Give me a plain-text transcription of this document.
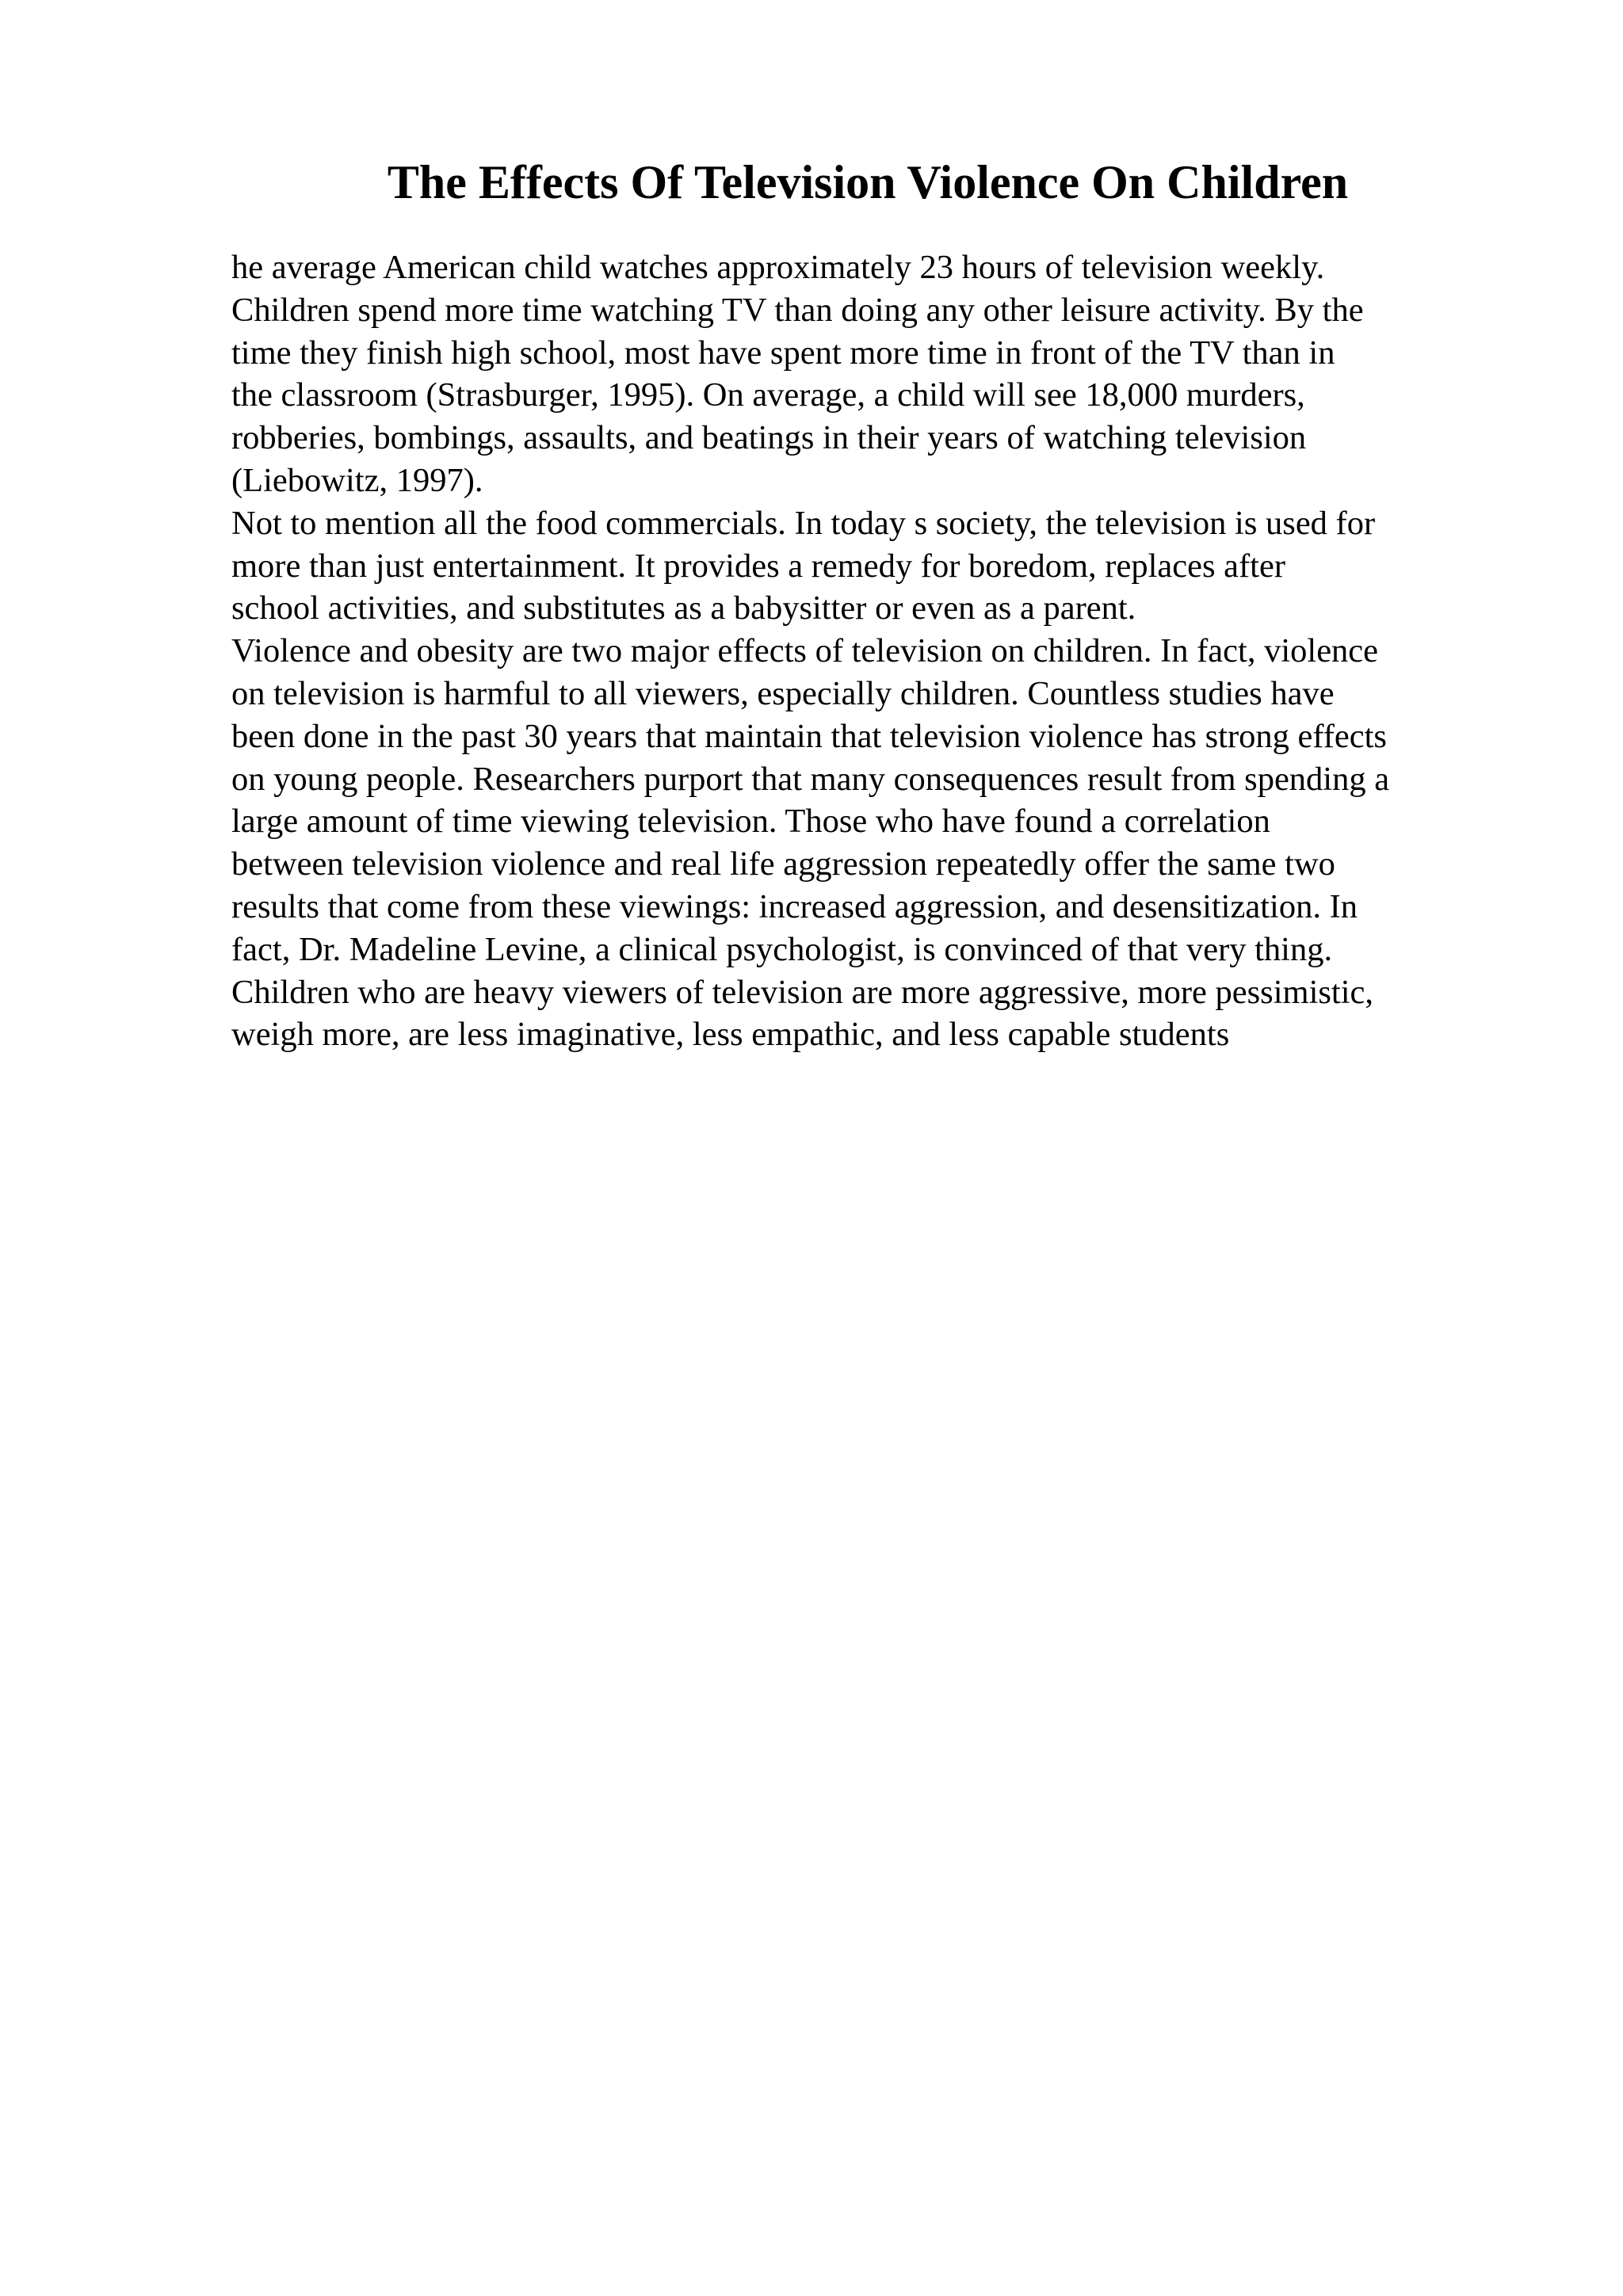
The Effects Of Television Violence On Children
he average American child watches approximately 23 hours of television weekly.
Children spend more time watching TV than doing any other leisure activity. By the
time they finish high school, most have spent more time in front of the TV than in
the classroom (Strasburger, 1995). On average, a child will see 18,000 murders,
robberies, bombings, assaults, and beatings in their years of watching television
(Liebowitz, 1997).
Not to mention all the food commercials. In today s society, the television is used for
more than just entertainment. It provides a remedy for boredom, replaces after
school activities, and substitutes as a babysitter or even as a parent.
Violence and obesity are two major effects of television on children. In fact, violence
on television is harmful to all viewers, especially children. Countless studies have
been done in the past 30 years that maintain that television violence has strong effects
on young people. Researchers purport that many consequences result from spending a
large amount of time viewing television. Those who have found a correlation
between television violence and real life aggression repeatedly offer the same two
results that come from these viewings: increased aggression, and desensitization. In
fact, Dr. Madeline Levine, a clinical psychologist, is convinced of that very thing.
Children who are heavy viewers of television are more aggressive, more pessimistic,
weigh more, are less imaginative, less empathic, and less capable students
